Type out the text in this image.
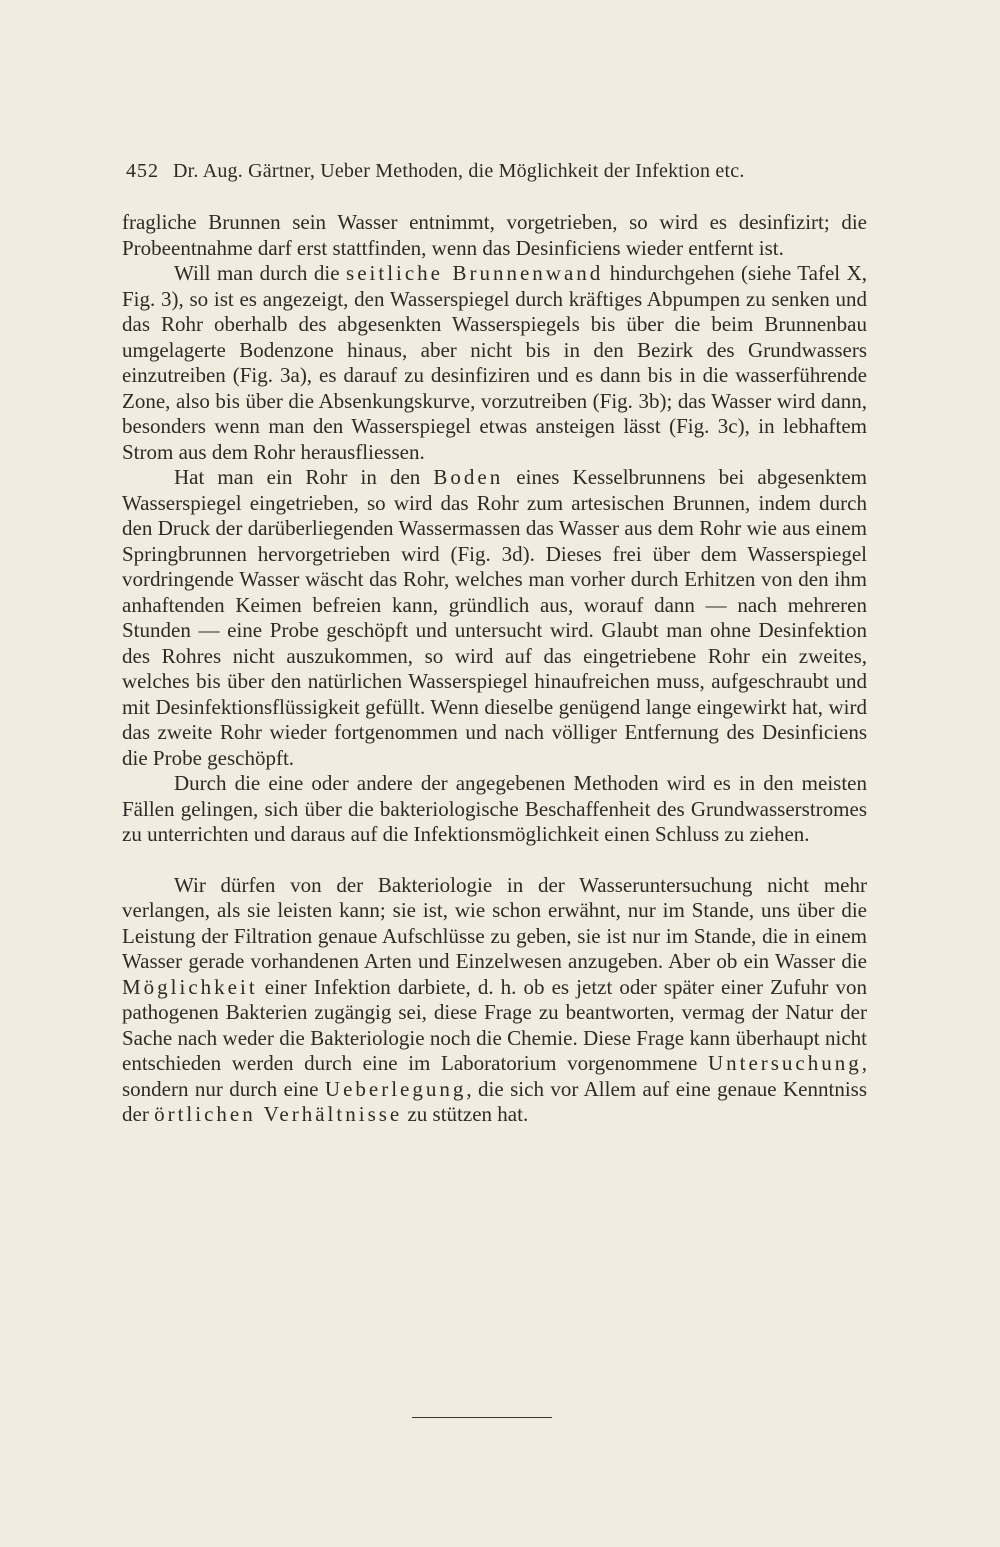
452 Dr. Aug. Gärtner, Ueber Methoden, die Möglichkeit der Infektion etc.

fragliche Brunnen sein Wasser entnimmt, vorgetrieben, so wird es desinfizirt; die Probeentnahme darf erst stattfinden, wenn das Desinficiens wieder entfernt ist.

Will man durch die seitliche Brunnenwand hindurchgehen (siehe Tafel X, Fig. 3), so ist es angezeigt, den Wasserspiegel durch kräftiges Abpumpen zu senken und das Rohr oberhalb des abgesenkten Wasserspiegels bis über die beim Brunnenbau umgelagerte Bodenzone hinaus, aber nicht bis in den Bezirk des Grundwassers einzutreiben (Fig. 3a), es darauf zu desinfiziren und es dann bis in die wasserführende Zone, also bis über die Absenkungskurve, vorzutreiben (Fig. 3b); das Wasser wird dann, besonders wenn man den Wasserspiegel etwas ansteigen lässt (Fig. 3c), in lebhaftem Strom aus dem Rohr herausfliessen.

Hat man ein Rohr in den Boden eines Kesselbrunnens bei abgesenktem Wasserspiegel eingetrieben, so wird das Rohr zum artesischen Brunnen, indem durch den Druck der darüberliegenden Wassermassen das Wasser aus dem Rohr wie aus einem Springbrunnen hervorgetrieben wird (Fig. 3d). Dieses frei über dem Wasserspiegel vordringende Wasser wäscht das Rohr, welches man vorher durch Erhitzen von den ihm anhaftenden Keimen befreien kann, gründlich aus, worauf dann — nach mehreren Stunden — eine Probe geschöpft und untersucht wird. Glaubt man ohne Desinfektion des Rohres nicht auszukommen, so wird auf das eingetriebene Rohr ein zweites, welches bis über den natürlichen Wasserspiegel hinaufreichen muss, aufgeschraubt und mit Desinfektionsflüssigkeit gefüllt. Wenn dieselbe genügend lange eingewirkt hat, wird das zweite Rohr wieder fortgenommen und nach völliger Entfernung des Desinficiens die Probe geschöpft.

Durch die eine oder andere der angegebenen Methoden wird es in den meisten Fällen gelingen, sich über die bakteriologische Beschaffenheit des Grundwasserstromes zu unterrichten und daraus auf die Infektionsmöglichkeit einen Schluss zu ziehen.

Wir dürfen von der Bakteriologie in der Wasseruntersuchung nicht mehr verlangen, als sie leisten kann; sie ist, wie schon erwähnt, nur im Stande, uns über die Leistung der Filtration genaue Aufschlüsse zu geben, sie ist nur im Stande, die in einem Wasser gerade vorhandenen Arten und Einzelwesen anzugeben. Aber ob ein Wasser die Möglichkeit einer Infektion darbiete, d. h. ob es jetzt oder später einer Zufuhr von pathogenen Bakterien zugängig sei, diese Frage zu beantworten, vermag der Natur der Sache nach weder die Bakteriologie noch die Chemie. Diese Frage kann überhaupt nicht entschieden werden durch eine im Laboratorium vorgenommene Untersuchung, sondern nur durch eine Ueberlegung, die sich vor Allem auf eine genaue Kenntniss der örtlichen Verhältnisse zu stützen hat.
